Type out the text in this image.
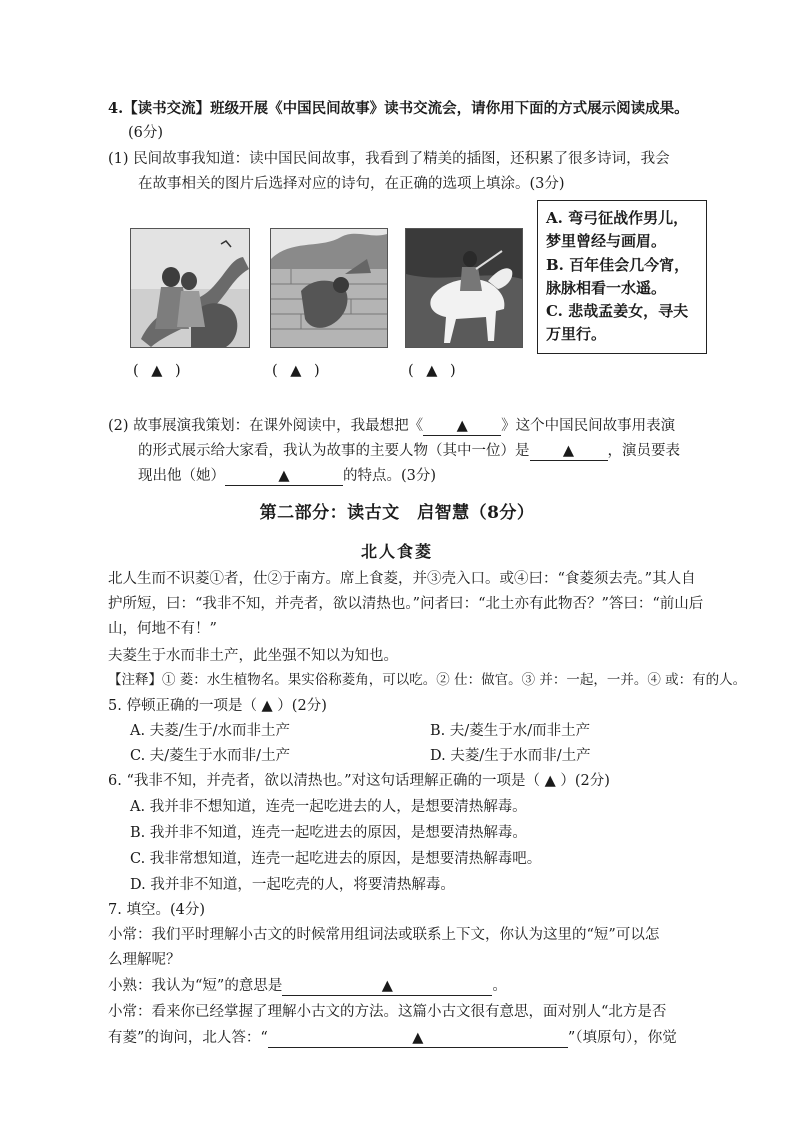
4.【读书交流】班级开展《中国民间故事》读书交流会，请你用下面的方式展示阅读成果。
(6分)
(1) 民间故事我知道：读中国民间故事，我看到了精美的插图，还积累了很多诗词，我会
在故事相关的图片后选择对应的诗句，在正确的选项上填涂。(3分)
A. 弯弓征战作男儿，
梦里曾经与画眉。
B. 百年佳会几今宵，
脉脉相看一水遥。
C. 悲哉孟姜女，寻夫
万里行。
( ▲ )	( ▲ )	( ▲ )
(2) 故事展演我策划：在课外阅读中，我最想把《 ▲ 》这个中国民间故事用表演
的形式展示给大家看，我认为故事的主要人物（其中一位）是 ▲ ，演员要表
现出他（她）	▲	的特点。(3分)
第二部分：读古文　启智慧（8分）
北人食菱
北人生而不识菱①者，仕②于南方。席上食菱，并③壳入口。或④曰：“食菱须去壳。”其人自
护所短，曰：“我非不知，并壳者，欲以清热也。”问者曰：“北土亦有此物否？”答曰：“前山后
山，何地不有！”
夫菱生于水而非土产，此坐强不知以为知也。
【注释】① 菱：水生植物名。果实俗称菱角，可以吃。② 仕：做官。③ 并：一起，一并。④ 或：有的人。
5. 停顿正确的一项是（ ▲ ）(2分)
A. 夫菱/生于/水而非土产	B. 夫/菱生于水/而非土产
C. 夫/菱生于水而非/土产	D. 夫菱/生于水而非/土产
6. “我非不知，并壳者，欲以清热也。”对这句话理解正确的一项是（ ▲ ）(2分)
A. 我并非不想知道，连壳一起吃进去的人，是想要清热解毒。
B. 我并非不知道，连壳一起吃进去的原因，是想要清热解毒。
C. 我非常想知道，连壳一起吃进去的原因，是想要清热解毒吧。
D. 我并非不知道，一起吃壳的人，将要清热解毒。
7. 填空。(4分)
小常：我们平时理解小古文的时候常用组词法或联系上下文，你认为这里的“短”可以怎
么理解呢？
小熟：我认为“短”的意思是	▲	。
小常：看来你已经掌握了理解小古文的方法。这篇小古文很有意思，面对别人“北方是否
有菱”的询问，北人答：“	▲	”（填原句），你觉
